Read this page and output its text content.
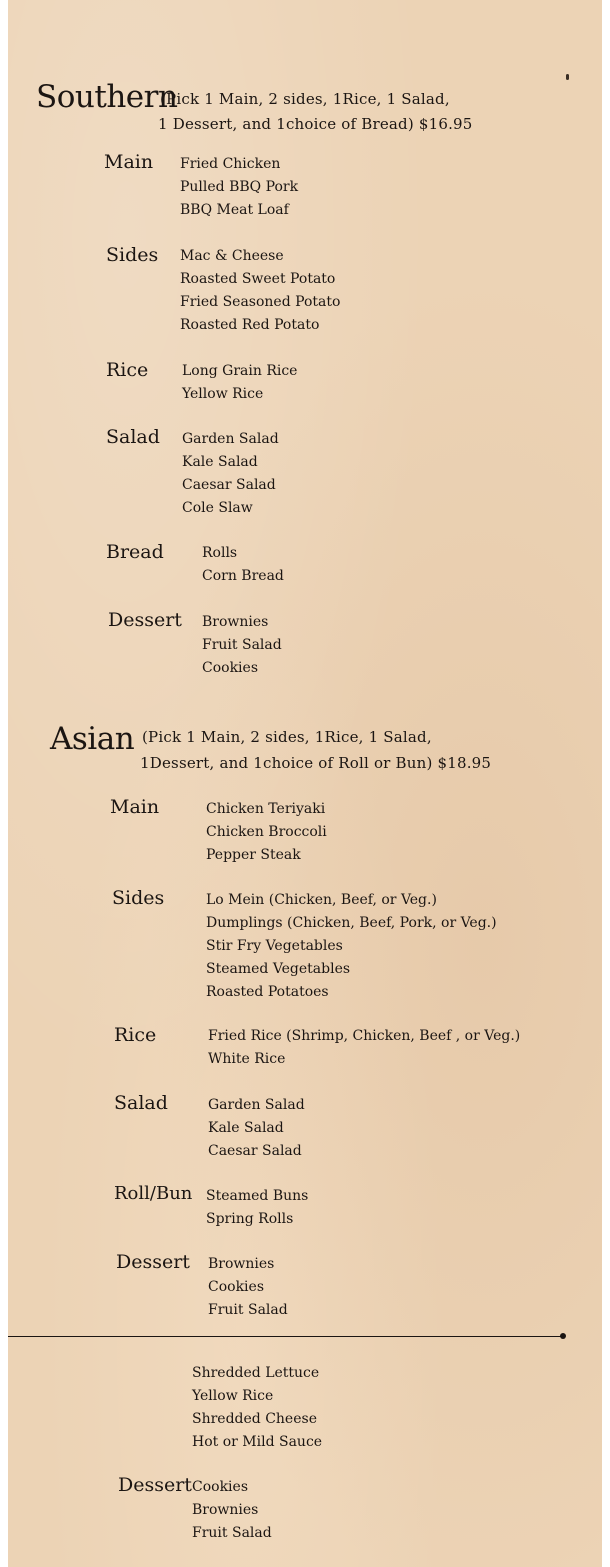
Southern
(Pick 1 Main, 2 sides, 1Rice, 1 Salad,
1 Dessert, and 1choice of Bread) $16.95
Main Fried Chicken
Pulled BBQ Pork
BBQ Meat Loaf
Sides Mac & Cheese
Roasted Sweet Potato
Fried Seasoned Potato
Roasted Red Potato
Rice Long Grain Rice
Yellow Rice
Salad Garden Salad
Kale Salad
Caesar Salad
Cole Slaw
Bread	Rolls
Corn Bread
Dessert Brownies
Fruit Salad
Cookies
Asian (Pick 1 Main, 2 sides, 1Rice, 1 Salad,
1Dessert, and 1choice of Roll or Bun) $18.95
Main	Chicken Teriyaki
Chicken Broccoli
Pepper Steak
Sides	Lo Mein (Chicken, Beef, or Veg.)
Dumplings (Chicken, Beef, Pork, or Veg.)
Stir Fry Vegetables
Steamed Vegetables
Roasted Potatoes
Rice	Fried Rice (Shrimp, Chicken, Beef , or Veg.)
White Rice
Salad	Garden Salad
Kale Salad
Caesar Salad
Roll/Bun Steamed Buns
Spring Rolls
Dessert Brownies
Cookies
Fruit Salad
Shredded Lettuce
Yellow Rice
Shredded Cheese
Hot or Mild Sauce
Dessert Cookies
Brownies
Fruit Salad
